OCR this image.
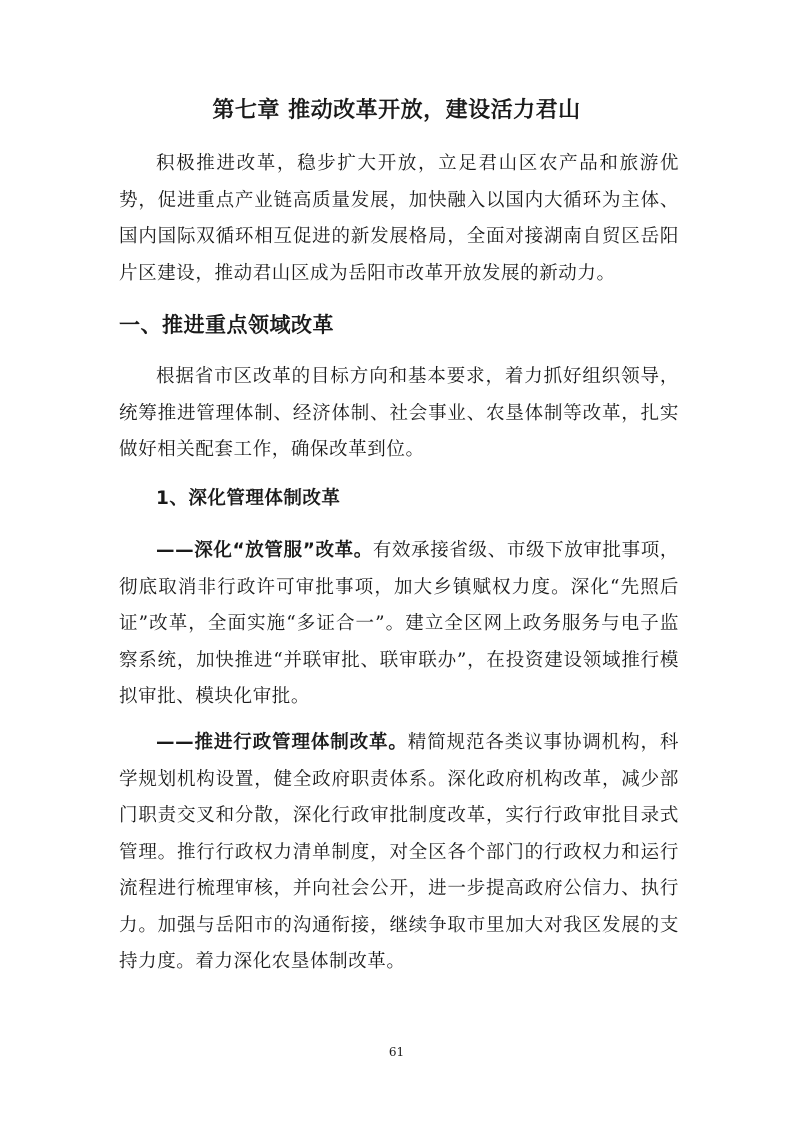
第七章 推动改革开放，建设活力君山

积极推进改革，稳步扩大开放，立足君山区农产品和旅游优势，促进重点产业链高质量发展，加快融入以国内大循环为主体、国内国际双循环相互促进的新发展格局，全面对接湖南自贸区岳阳片区建设，推动君山区成为岳阳市改革开放发展的新动力。

一、推进重点领域改革

根据省市区改革的目标方向和基本要求，着力抓好组织领导，统筹推进管理体制、经济体制、社会事业、农垦体制等改革，扎实做好相关配套工作，确保改革到位。

1、深化管理体制改革

——深化“放管服”改革。有效承接省级、市级下放审批事项，彻底取消非行政许可审批事项，加大乡镇赋权力度。深化“先照后证”改革，全面实施“多证合一”。建立全区网上政务服务与电子监察系统，加快推进“并联审批、联审联办”，在投资建设领域推行模拟审批、模块化审批。

——推进行政管理体制改革。精简规范各类议事协调机构，科学规划机构设置，健全政府职责体系。深化政府机构改革，减少部门职责交叉和分散，深化行政审批制度改革，实行行政审批目录式管理。推行行政权力清单制度，对全区各个部门的行政权力和运行流程进行梳理审核，并向社会公开，进一步提高政府公信力、执行力。加强与岳阳市的沟通衔接，继续争取市里加大对我区发展的支持力度。着力深化农垦体制改革。

61
